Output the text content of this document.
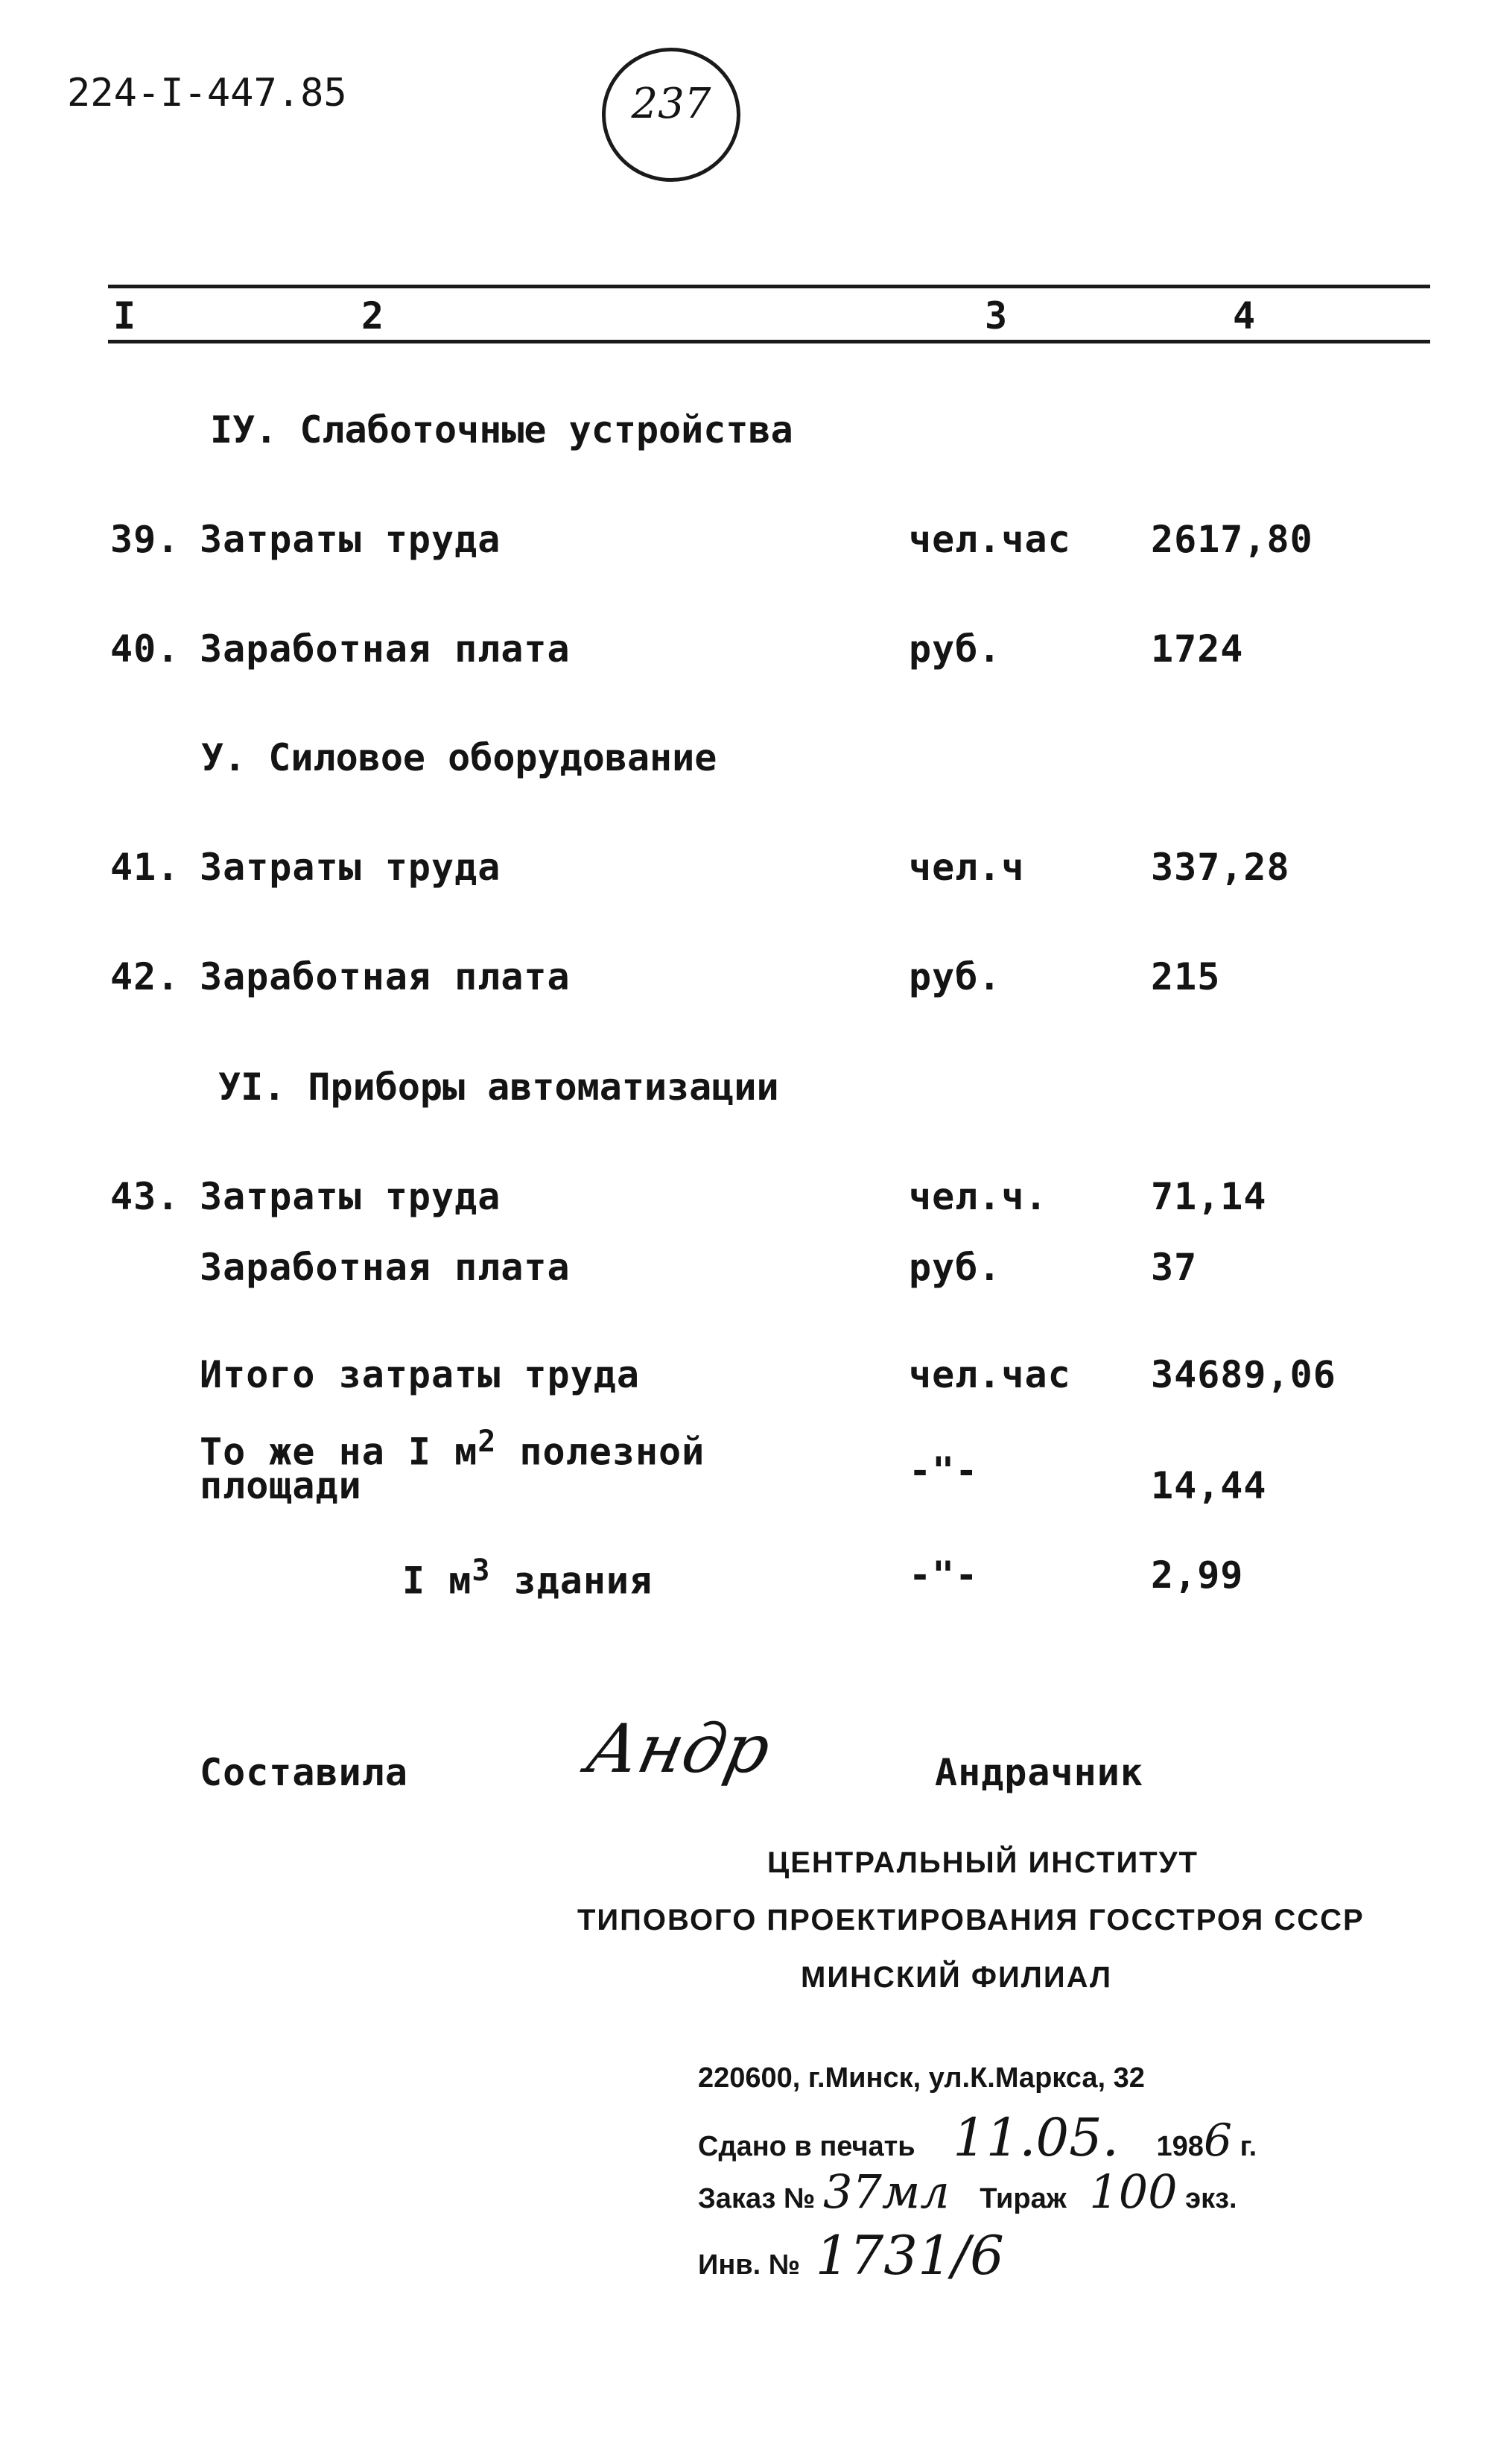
224-I-447.85	237
I	2	3	4
IУ. Слаботочные устройства
39. Затраты труда	чел.час 2617,80
40. Заработная плата	руб.	1724
У. Силовое оборудование
41. Затраты труда	чел.ч	337,28
42. Заработная плата	руб.	215
УI. Приборы автоматизации
43. Затраты труда	чел.ч.	71,14
Заработная плата	руб.	37
Итого затраты труда	чел.час 34689,06
То же на I $м^2$ полезной
площади	-"-	14,44
I $м^3$ здания	-"-	2,99
Составила	Андр	Андрачник
ЦЕНТРАЛЬНЫЙ ИНСТИТУТ
ТИПОВОГО ПРОЕКТИРОВАНИЯ ГОССТРОЯ СССР
МИНСКИЙ ФИЛИАЛ
220600, г.Минск, ул.К.Маркса, 32
Сдано в печать 11.05. 1986 г.
Заказ № 37мл Тираж 100 экз.
Инв. № 1731/6
